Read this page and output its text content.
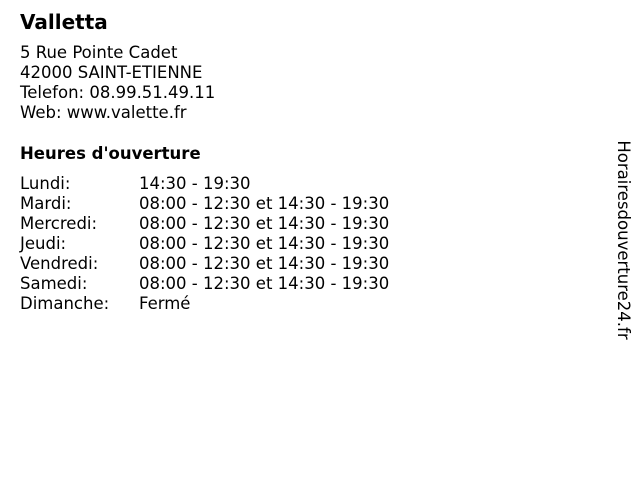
Valletta
5 Rue Pointe Cadet
42000 SAINT-ETIENNE
Telefon: 08.99.51.49.11
Web: www.valette.fr
Heures d'ouverture
Lundi:	14:30 - 19:30
Mardi:	08:00 - 12:30 et 14:30 - 19:30
Mercredi:	08:00 - 12:30 et 14:30 - 19:30
Jeudi:	08:00 - 12:30 et 14:30 - 19:30
Vendredi: 08:00 - 12:30 et 14:30 - 19:30
Samedi:	08:00 - 12:30 et 14:30 - 19:30
Dimanche: Fermé	Horairesdouverture24.fr
